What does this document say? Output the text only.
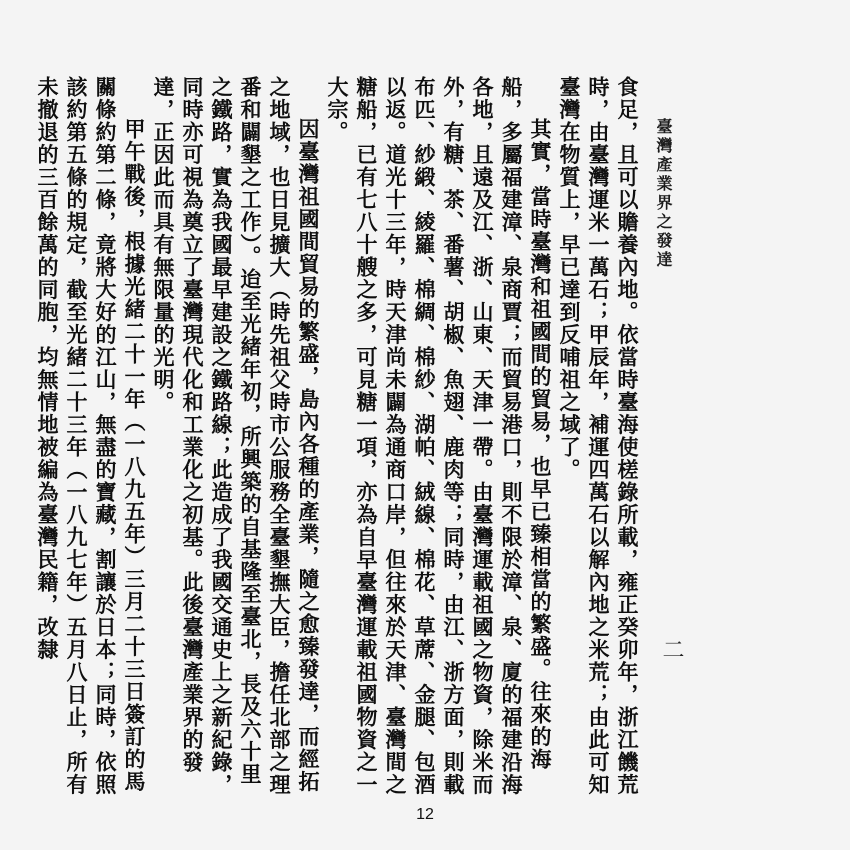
臺灣產業界之發達
二

食足，且可以贍養內地。依當時臺海使槎錄所載，雍正癸卯年，浙江饑荒時，由臺灣運米一萬石；甲辰年，補運四萬石以解內地之米荒；由此可知臺灣在物質上，早已達到反哺祖之域了。

其實，當時臺灣和祖國間的貿易，也早已臻相當的繁盛。往來的海船，多屬福建漳、泉商賈；而貿易港口，則不限於漳、泉、廈的福建沿海各地，且遠及江、浙、山東、天津一帶。由臺灣運載祖國之物資，除米而外，有糖、茶、番薯、胡椒、魚翅、鹿肉等；同時，由江、浙方面，則載布匹、紗緞、綾羅、棉綢、棉紗、湖帕、絨線、棉花、草蓆、金腿、包酒以返。道光十三年，時天津尚未闢為通商口岸，但往來於天津、臺灣間之糖船，已有七八十艘之多，可見糖一項，亦為自早臺灣運載祖國物資之一大宗。

因臺灣祖國間貿易的繁盛，島內各種的產業，隨之愈臻發達，而經拓之地域，也日見擴大（時先祖父時市公服務全臺墾撫大臣，擔任北部之理番和闢墾之工作）。迨至光緒年初，所興築的自基隆至臺北，長及六十里之鐵路，實為我國最早建設之鐵路線；此造成了我國交通史上之新紀錄，同時亦可視為奠立了臺灣現代化和工業化之初基。此後臺灣產業界的發達，正因此而具有無限量的光明。

甲午戰後，根據光緒二十一年（一八九五年）三月二十三日簽訂的馬關條約第二條，竟將大好的江山，無盡的寶藏，割讓於日本；同時，依照該約第五條的規定，截至光緒二十三年（一八九七年）五月八日止，所有未撤退的三百餘萬的同胞，均無情地被編為臺灣民籍，改隸

12
